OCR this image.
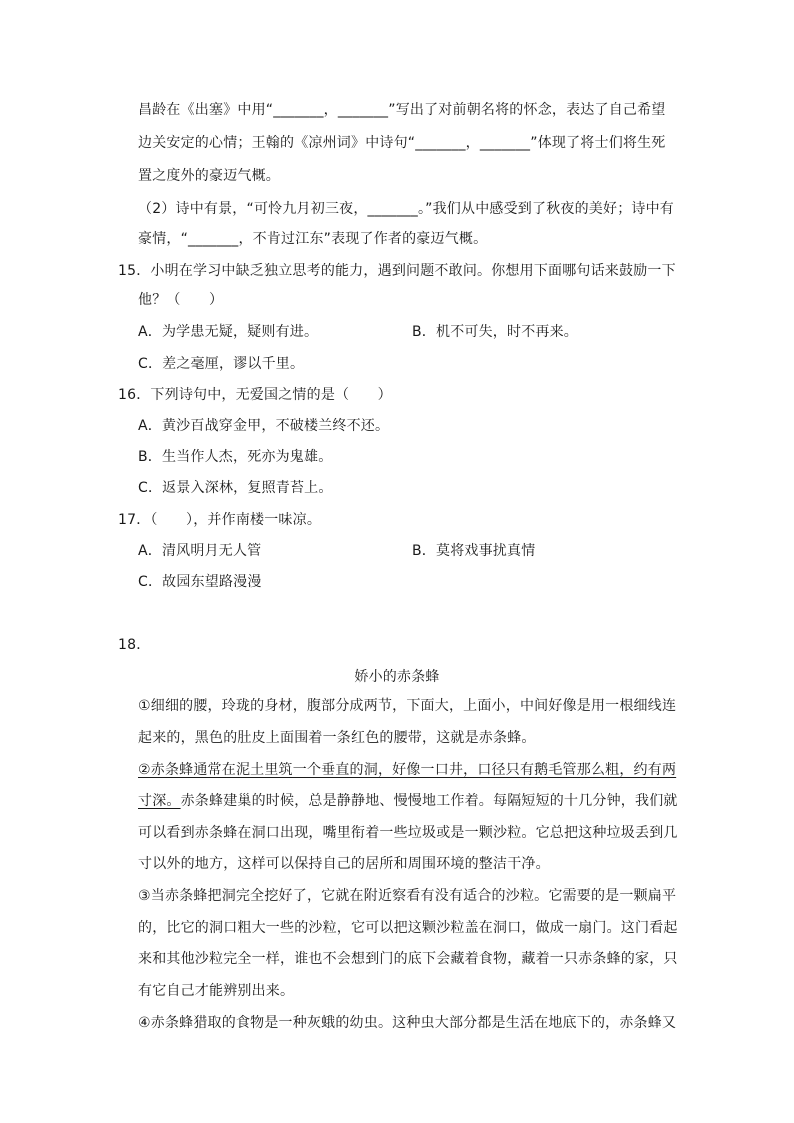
昌龄在《出塞》中用“_______，_______”写出了对前朝名将的怀念，表达了自己希望
边关安定的心情；王翰的《凉州词》中诗句“_______，_______”体现了将士们将生死
置之度外的豪迈气概。
（2）诗中有景，“可怜九月初三夜，_______。”我们从中感受到了秋夜的美好；诗中有
豪情，“_______，不肯过江东”表现了作者的豪迈气概。
15．小明在学习中缺乏独立思考的能力，遇到问题不敢问。你想用下面哪句话来鼓励一下
他？（　　）
A．为学患无疑，疑则有进。	B．机不可失，时不再来。
C．差之毫厘，谬以千里。
16．下列诗句中，无爱国之情的是（　　）
A．黄沙百战穿金甲，不破楼兰终不还。
B．生当作人杰，死亦为鬼雄。
C．返景入深林，复照青苔上。
17．（　　），并作南楼一味凉。
A．清风明月无人管	B．莫将戏事扰真情
C．故园东望路漫漫
18．
娇小的赤条蜂
①细细的腰，玲珑的身材，腹部分成两节，下面大，上面小，中间好像是用一根细线连
起来的，黑色的肚皮上面围着一条红色的腰带，这就是赤条蜂。
②赤条蜂通常在泥土里筑一个垂直的洞，好像一口井，口径只有鹅毛管那么粗，约有两
寸深。赤条蜂建巢的时候，总是静静地、慢慢地工作着。每隔短短的十几分钟，我们就
可以看到赤条蜂在洞口出现，嘴里衔着一些垃圾或是一颗沙粒。它总把这种垃圾丢到几
寸以外的地方，这样可以保持自己的居所和周围环境的整洁干净。
③当赤条蜂把洞完全挖好了，它就在附近察看有没有适合的沙粒。它需要的是一颗扁平
的，比它的洞口粗大一些的沙粒，它可以把这颗沙粒盖在洞口，做成一扇门。这门看起
来和其他沙粒完全一样，谁也不会想到门的底下会藏着食物，藏着一只赤条蜂的家，只
有它自己才能辨别出来。
④赤条蜂猎取的食物是一种灰蛾的幼虫。这种虫大部分都是生活在地底下的，赤条蜂又
